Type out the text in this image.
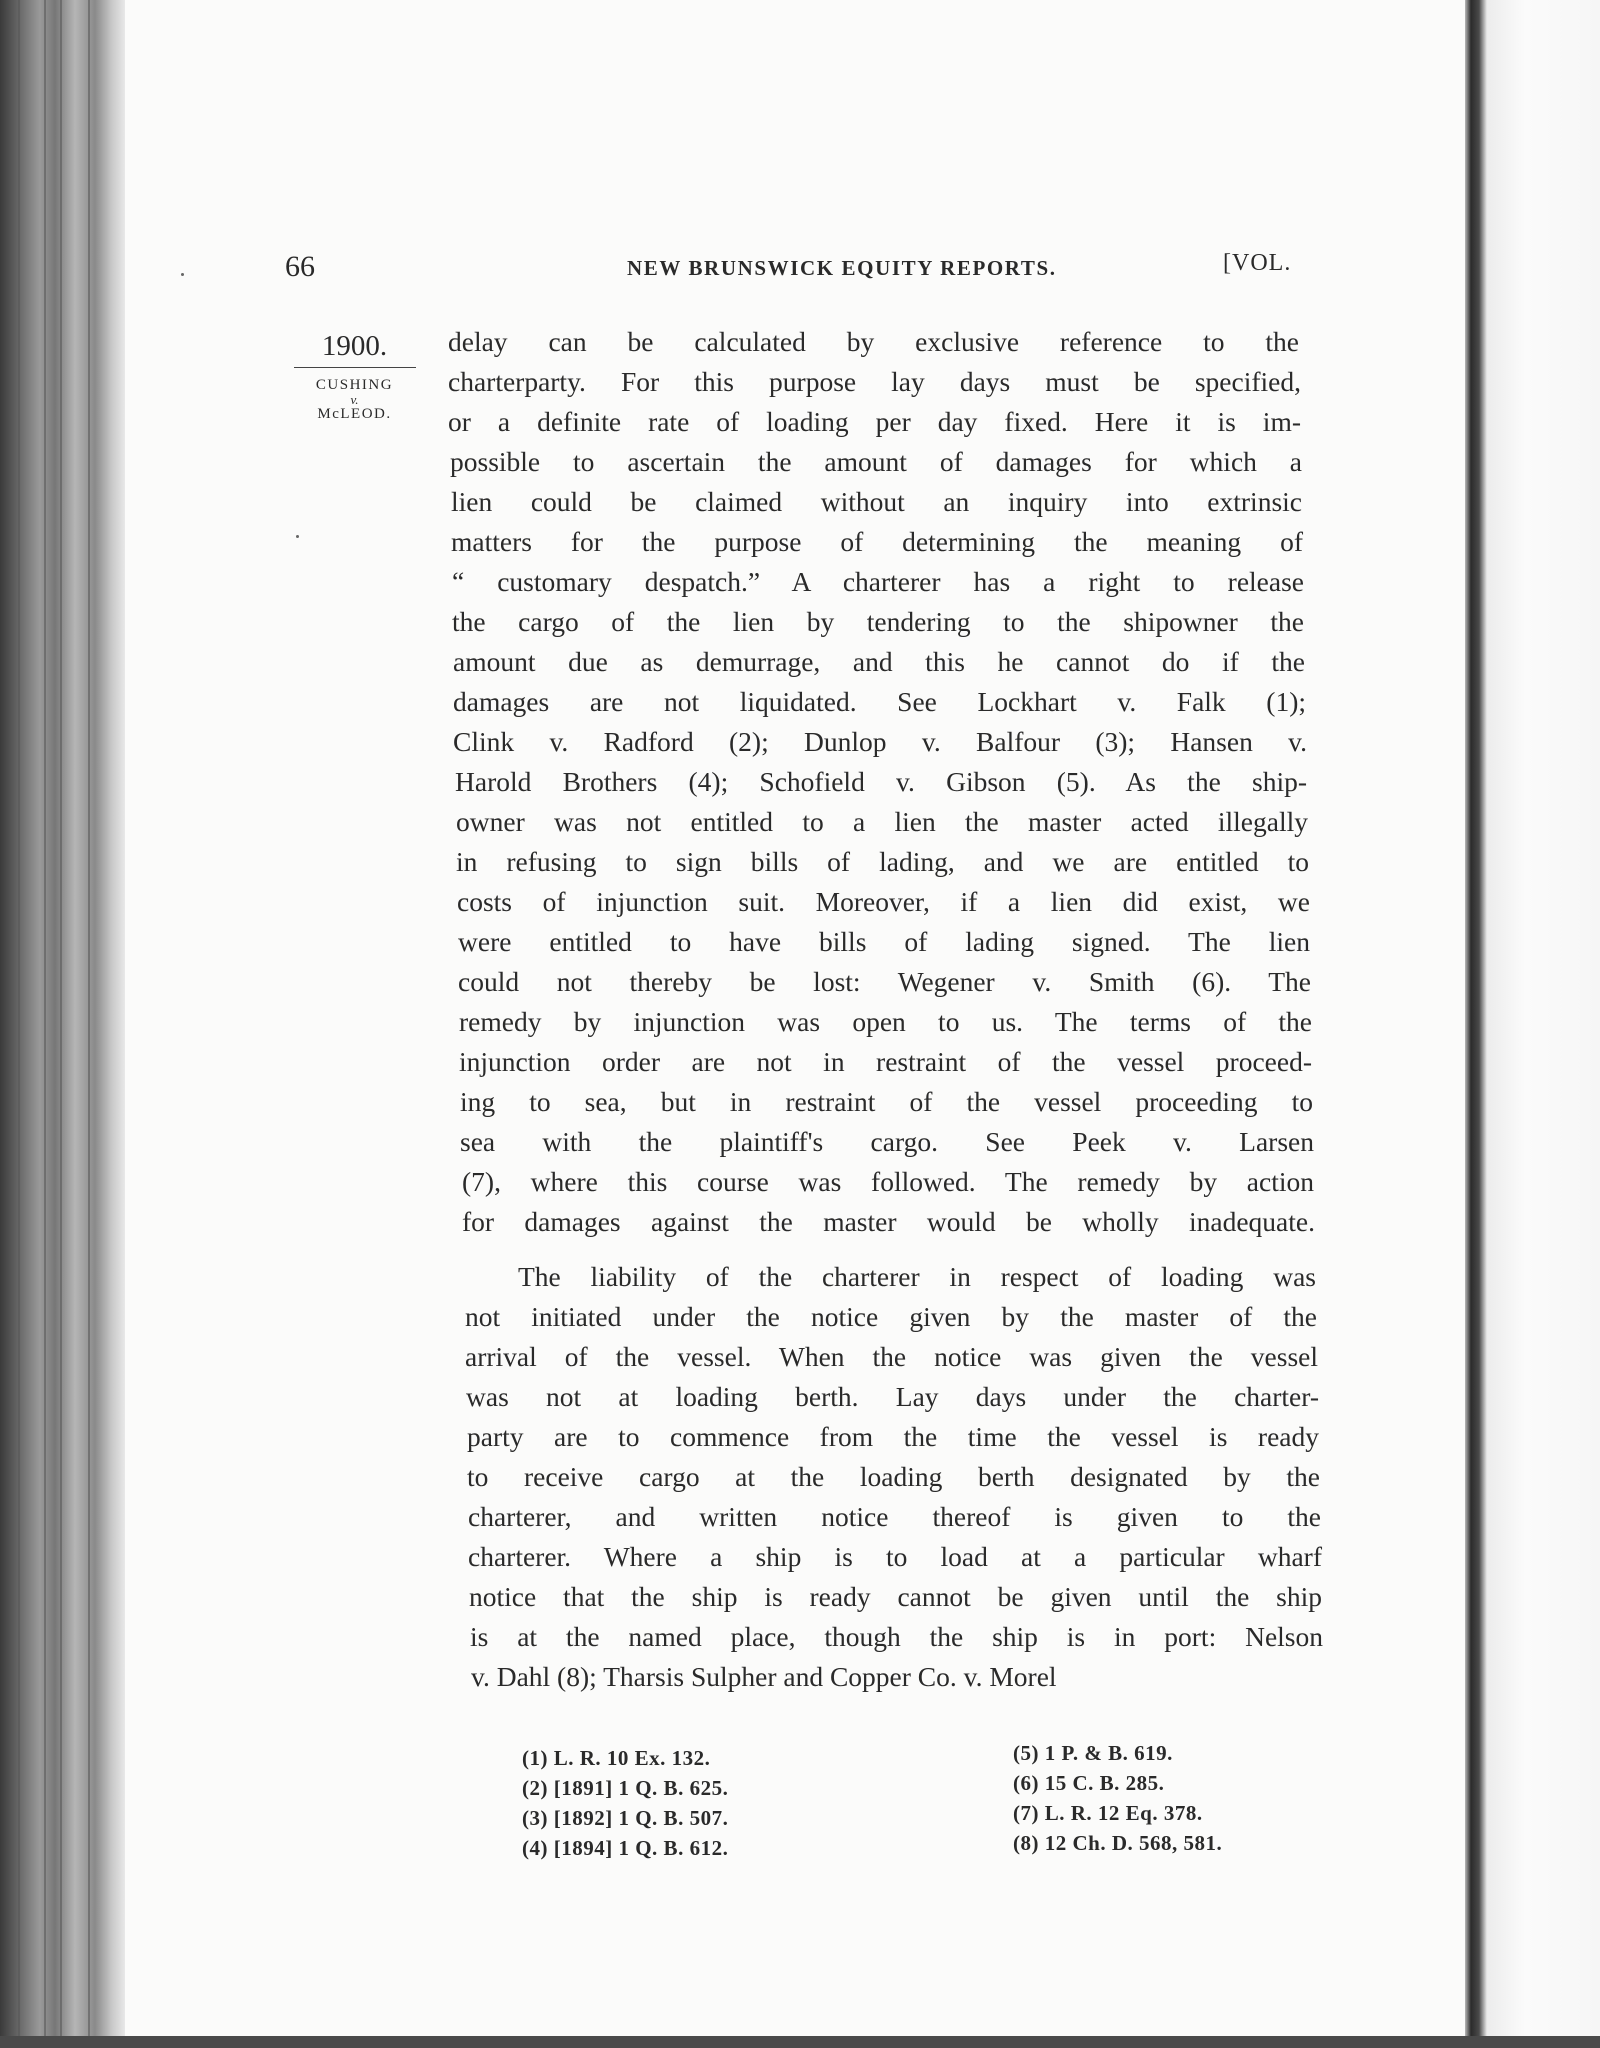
66	NEW BRUNSWICK EQUITY REPORTS.	[VOL.
1900.
CUSHING
v.
McLEOD.
delay can be calculated by exclusive reference to the
charterparty. For this purpose lay days must be specified,
or a definite rate of loading per day fixed. Here it is im-
possible to ascertain the amount of damages for which a
lien could be claimed without an inquiry into extrinsic
matters for the purpose of determining the meaning of
“ customary despatch.” A charterer has a right to release
the cargo of the lien by tendering to the shipowner the
amount due as demurrage, and this he cannot do if the
damages are not liquidated. See Lockhart v. Falk (1);
Clink v. Radford (2); Dunlop v. Balfour (3); Hansen v.
Harold Brothers (4); Schofield v. Gibson (5). As the ship-
owner was not entitled to a lien the master acted illegally
in refusing to sign bills of lading, and we are entitled to
costs of injunction suit. Moreover, if a lien did exist, we
were entitled to have bills of lading signed. The lien
could not thereby be lost: Wegener v. Smith (6). The
remedy by injunction was open to us. The terms of the
injunction order are not in restraint of the vessel proceed-
ing to sea, but in restraint of the vessel proceeding to
sea with the plaintiff's cargo. See Peek v. Larsen
(7), where this course was followed. The remedy by action
for damages against the master would be wholly inadequate.
The liability of the charterer in respect of loading was
not initiated under the notice given by the master of the
arrival of the vessel. When the notice was given the vessel
was not at loading berth. Lay days under the charter-
party are to commence from the time the vessel is ready
to receive cargo at the loading berth designated by the
charterer, and written notice thereof is given to the
charterer. Where a ship is to load at a particular wharf
notice that the ship is ready cannot be given until the ship
is at the named place, though the ship is in port: Nelson
v. Dahl (8); Tharsis Sulpher and Copper Co. v. Morel
(1) L. R. 10 Ex. 132.
(2) [1891] 1 Q. B. 625.
(3) [1892] 1 Q. B. 507.
(4) [1894] 1 Q. B. 612.
(5) 1 P. & B. 619.
(6) 15 C. B. 285.
(7) L. R. 12 Eq. 378.
(8) 12 Ch. D. 568, 581.
